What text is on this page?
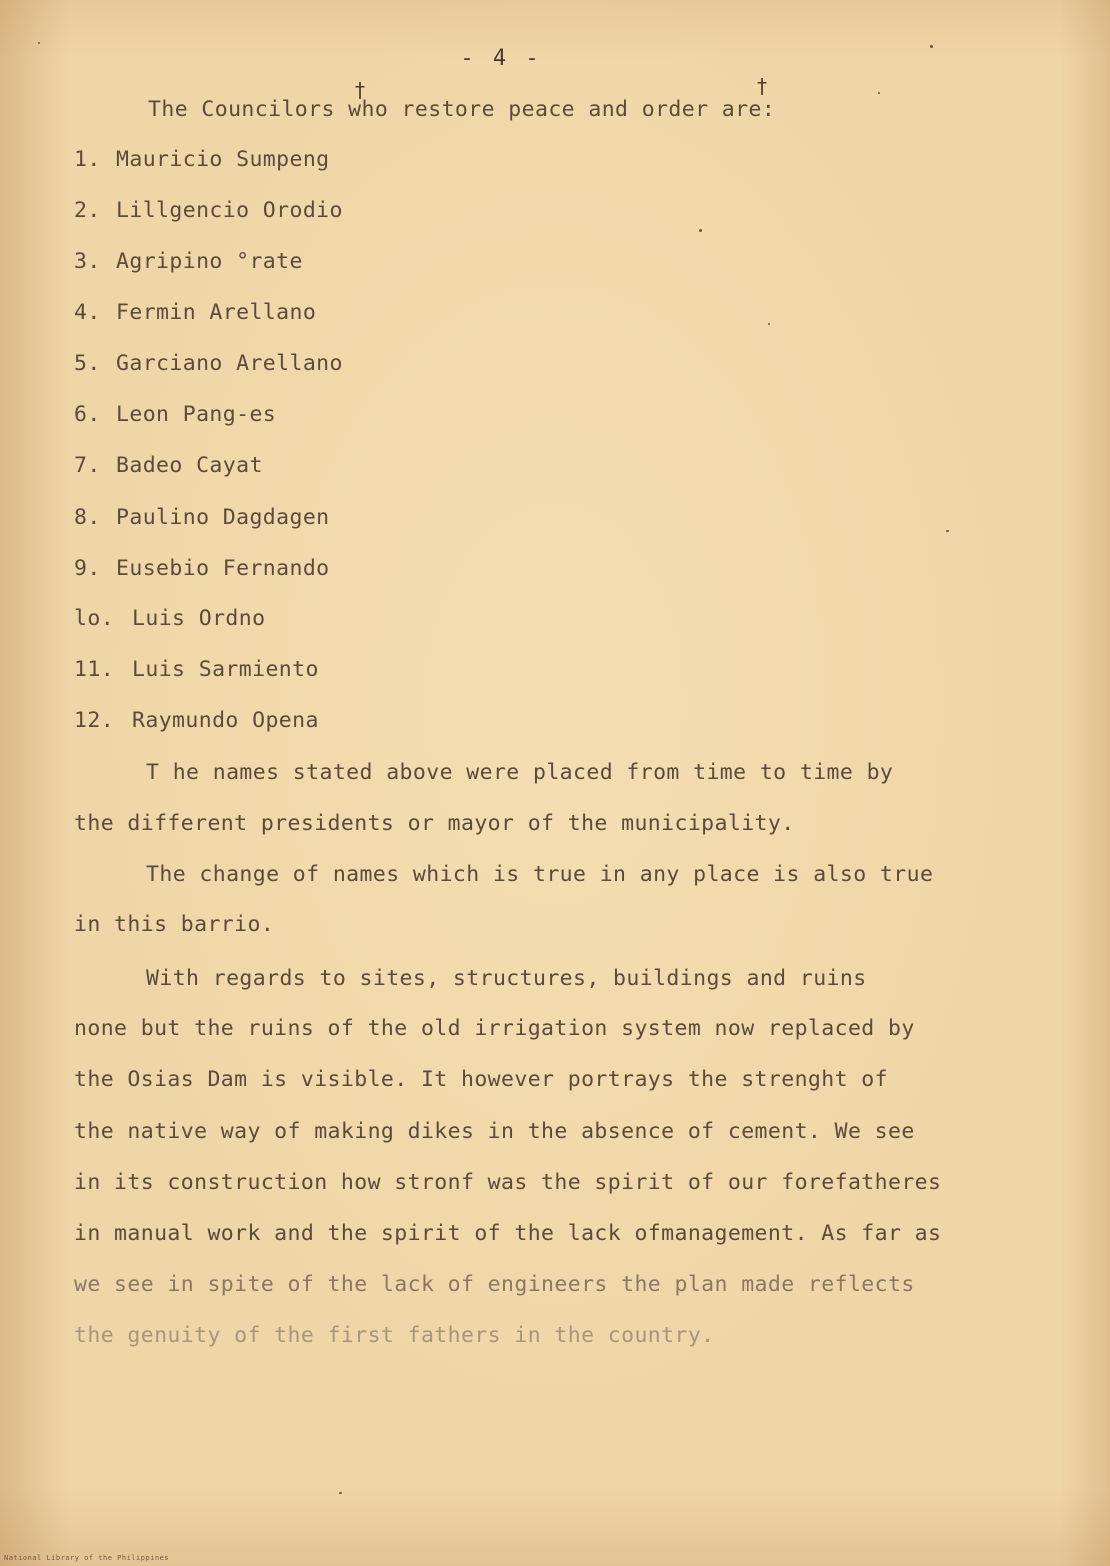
- 4 -
†	†
The Councilors who restore peace and order are:
1. Mauricio Sumpeng
2. Lillgencio Orodio
3. Agripino °rate
4. Fermin Arellano
5. Garciano Arellano
6. Leon Pang-es
7. Badeo Cayat
8. Paulino Dagdagen
9. Eusebio Fernando
lo. Luis Ordno
11. Luis Sarmiento
12. Raymundo Opena
T he names stated above were placed from time to time by
the different presidents or mayor of the municipality.
The change of names which is true in any place is also true
in this barrio.
With regards to sites, structures, buildings and ruins
none but the ruins of the old irrigation system now replaced by
the Osias Dam is visible. It however portrays the strenght of
the native way of making dikes in the absence of cement. We see
in its construction how stronf was the spirit of our forefatheres
in manual work and the spirit of the lack ofmanagement. As far as
we see in spite of the lack of engineers the plan made reflects
the genuity of the first fathers in the country.
National Library of the Philippines
